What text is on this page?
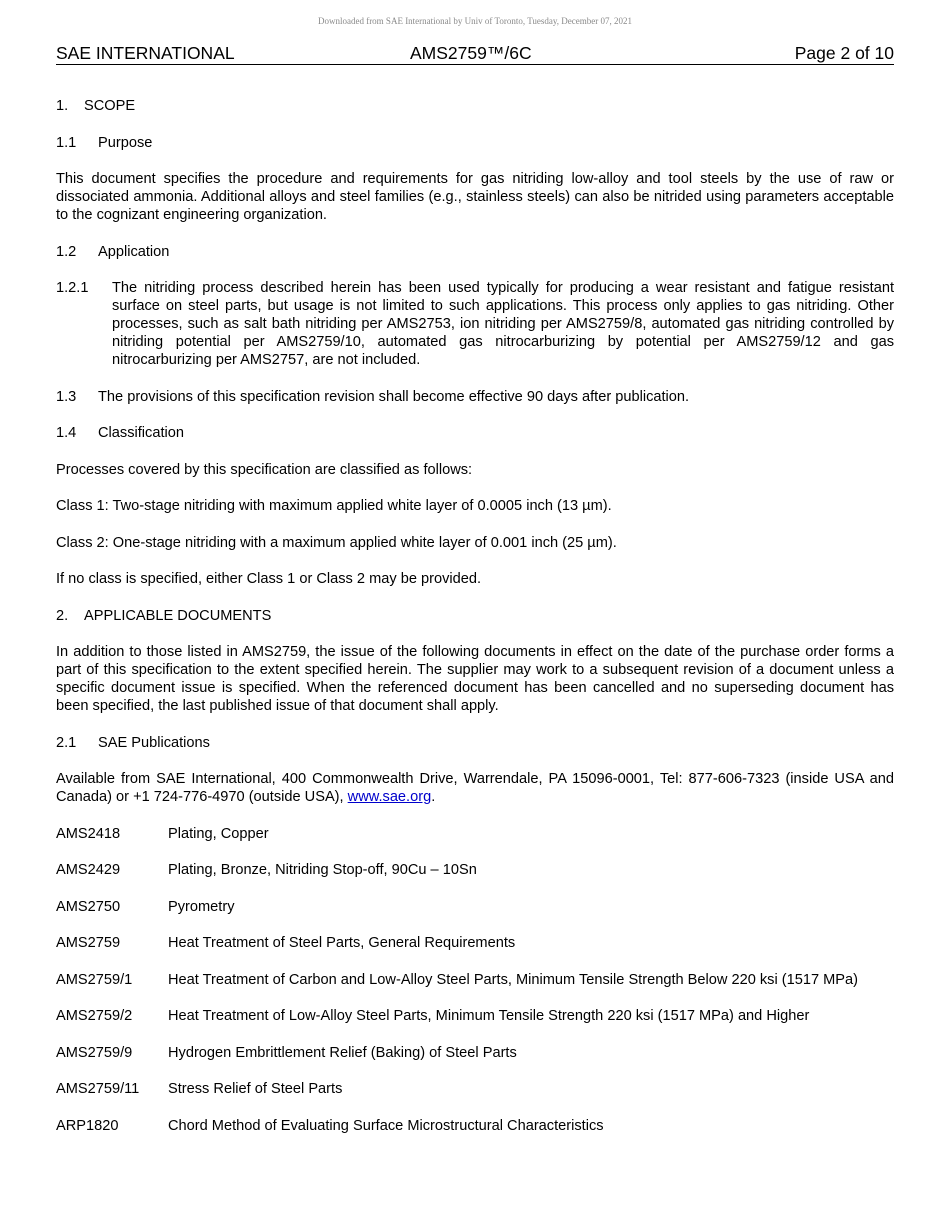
Downloaded from SAE International by Univ of Toronto, Tuesday, December 07, 2021
SAE INTERNATIONAL	AMS2759™/6C	Page 2 of 10

1. SCOPE

1.1 Purpose

This document specifies the procedure and requirements for gas nitriding low-alloy and tool steels by the use of raw or dissociated ammonia. Additional alloys and steel families (e.g., stainless steels) can also be nitrided using parameters acceptable to the cognizant engineering organization.

1.2 Application

1.2.1 The nitriding process described herein has been used typically for producing a wear resistant and fatigue resistant surface on steel parts, but usage is not limited to such applications. This process only applies to gas nitriding. Other processes, such as salt bath nitriding per AMS2753, ion nitriding per AMS2759/8, automated gas nitriding controlled by nitriding potential per AMS2759/10, automated gas nitrocarburizing by potential per AMS2759/12 and gas nitrocarburizing per AMS2757, are not included.

1.3 The provisions of this specification revision shall become effective 90 days after publication.

1.4 Classification

Processes covered by this specification are classified as follows:

Class 1: Two-stage nitriding with maximum applied white layer of 0.0005 inch (13 µm).

Class 2: One-stage nitriding with a maximum applied white layer of 0.001 inch (25 µm).

If no class is specified, either Class 1 or Class 2 may be provided.

2. APPLICABLE DOCUMENTS

In addition to those listed in AMS2759, the issue of the following documents in effect on the date of the purchase order forms a part of this specification to the extent specified herein. The supplier may work to a subsequent revision of a document unless a specific document issue is specified. When the referenced document has been cancelled and no superseding document has been specified, the last published issue of that document shall apply.

2.1 SAE Publications

Available from SAE International, 400 Commonwealth Drive, Warrendale, PA 15096-0001, Tel: 877-606-7323 (inside USA and Canada) or +1 724-776-4970 (outside USA), www.sae.org.

AMS2418	Plating, Copper
AMS2429	Plating, Bronze, Nitriding Stop-off, 90Cu – 10Sn
AMS2750	Pyrometry
AMS2759	Heat Treatment of Steel Parts, General Requirements
AMS2759/1	Heat Treatment of Carbon and Low-Alloy Steel Parts, Minimum Tensile Strength Below 220 ksi (1517 MPa)
AMS2759/2	Heat Treatment of Low-Alloy Steel Parts, Minimum Tensile Strength 220 ksi (1517 MPa) and Higher
AMS2759/9	Hydrogen Embrittlement Relief (Baking) of Steel Parts
AMS2759/11	Stress Relief of Steel Parts
ARP1820	Chord Method of Evaluating Surface Microstructural Characteristics
